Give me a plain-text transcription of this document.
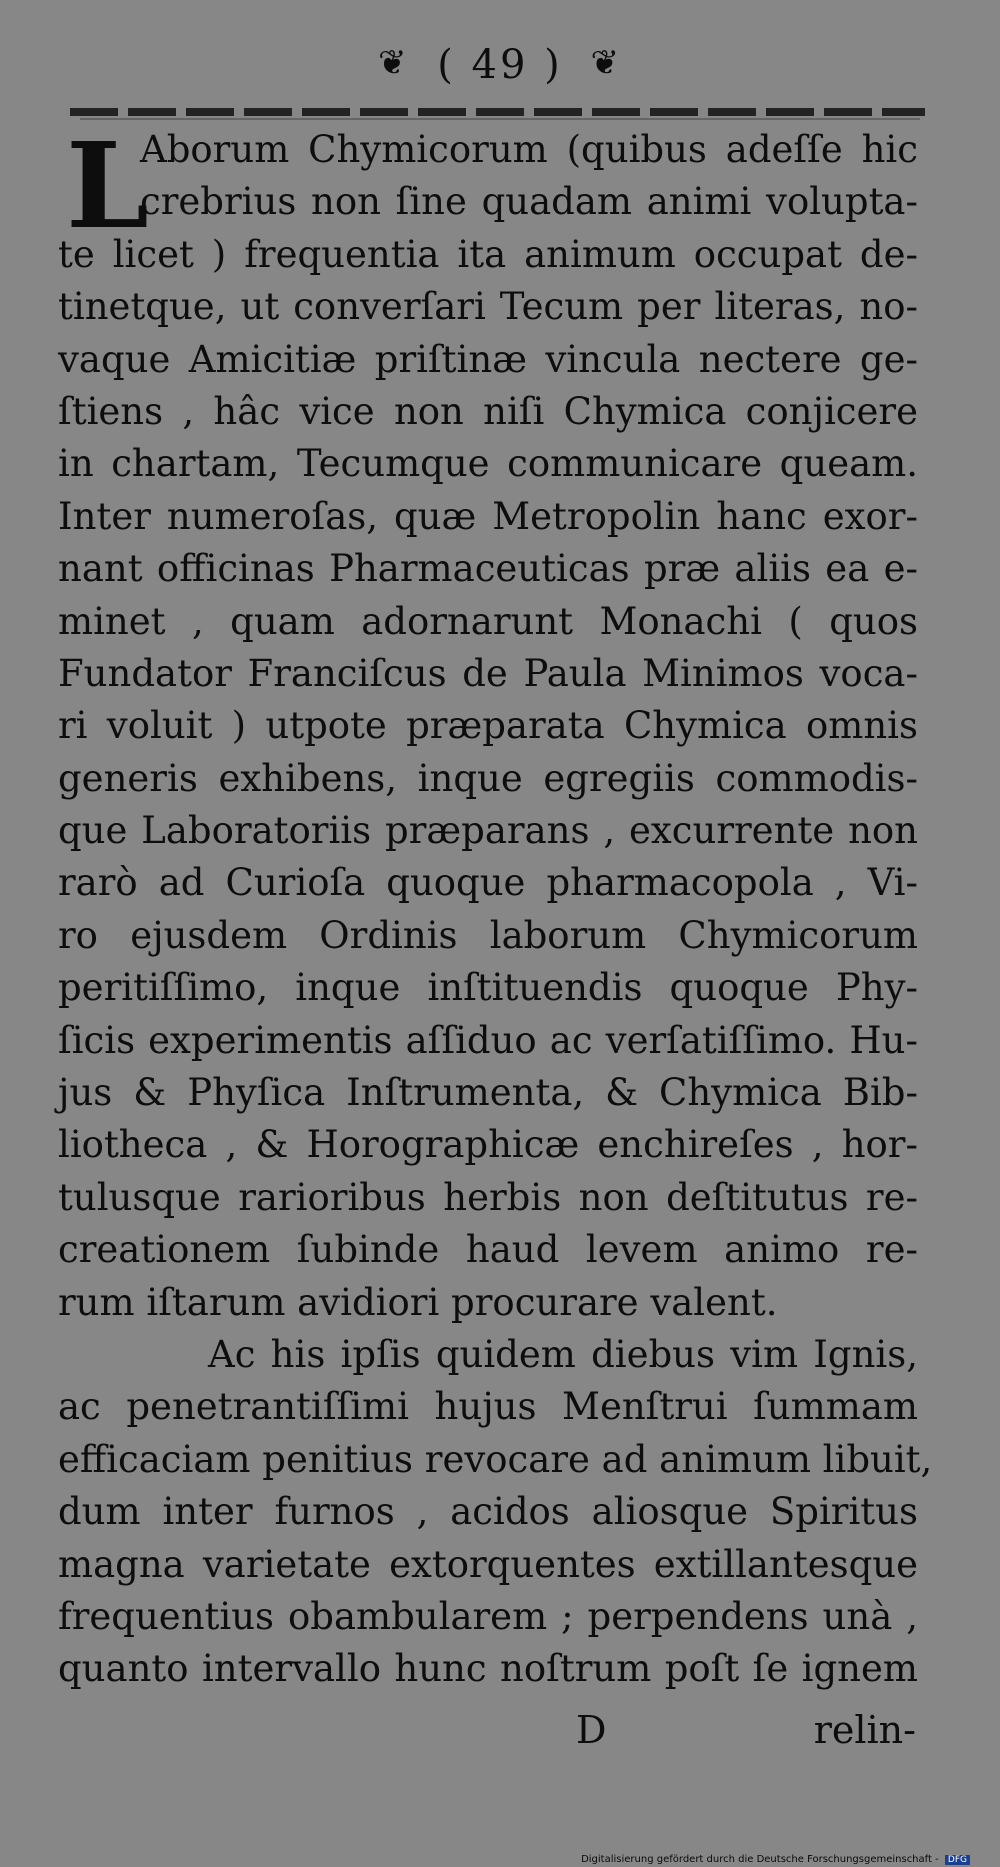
❦ ( 49 ) ❦
L
Aborum Chymicorum (quibus adeſſe hic
crebrius non ſine quadam animi volupta-
te licet ) frequentia ita animum occupat de-
tinetque, ut converſari Tecum per literas, no-
vaque Amicitiæ priſtinæ vincula nectere ge-
ſtiens , hâc vice non niſi Chymica conjicere
in chartam, Tecumque communicare queam.
Inter numeroſas, quæ Metropolin hanc exor-
nant officinas Pharmaceuticas præ aliis ea e-
minet , quam adornarunt Monachi ( quos
Fundator Franciſcus de Paula Minimos voca-
ri voluit ) utpote præparata Chymica omnis
generis exhibens, inque egregiis commodis-
que Laboratoriis præparans , excurrente non
rarò ad Curioſa quoque pharmacopola , Vi-
ro ejusdem Ordinis laborum Chymicorum
peritiſſimo, inque inſtituendis quoque Phy-
ſicis experimentis aſſiduo ac verſatiſſimo. Hu-
jus & Phyſica Inſtrumenta, & Chymica Bib-
liotheca , & Horographicæ enchireſes , hor-
tulusque rarioribus herbis non deſtitutus re-
creationem ſubinde haud levem animo re-
rum iſtarum avidiori procurare valent.
Ac his ipſis quidem diebus vim Ignis,
ac penetrantiſſimi hujus Menſtrui ſummam
efficaciam penitius revocare ad animum libuit,
dum inter furnos , acidos aliosque Spiritus
magna varietate extorquentes extillantesque
frequentius obambularem ; perpendens unà ,
quanto intervallo hunc noſtrum poſt ſe ignem
D	relin-
Digitalisierung gefördert durch die Deutsche Forschungsgemeinschaft - DFG
